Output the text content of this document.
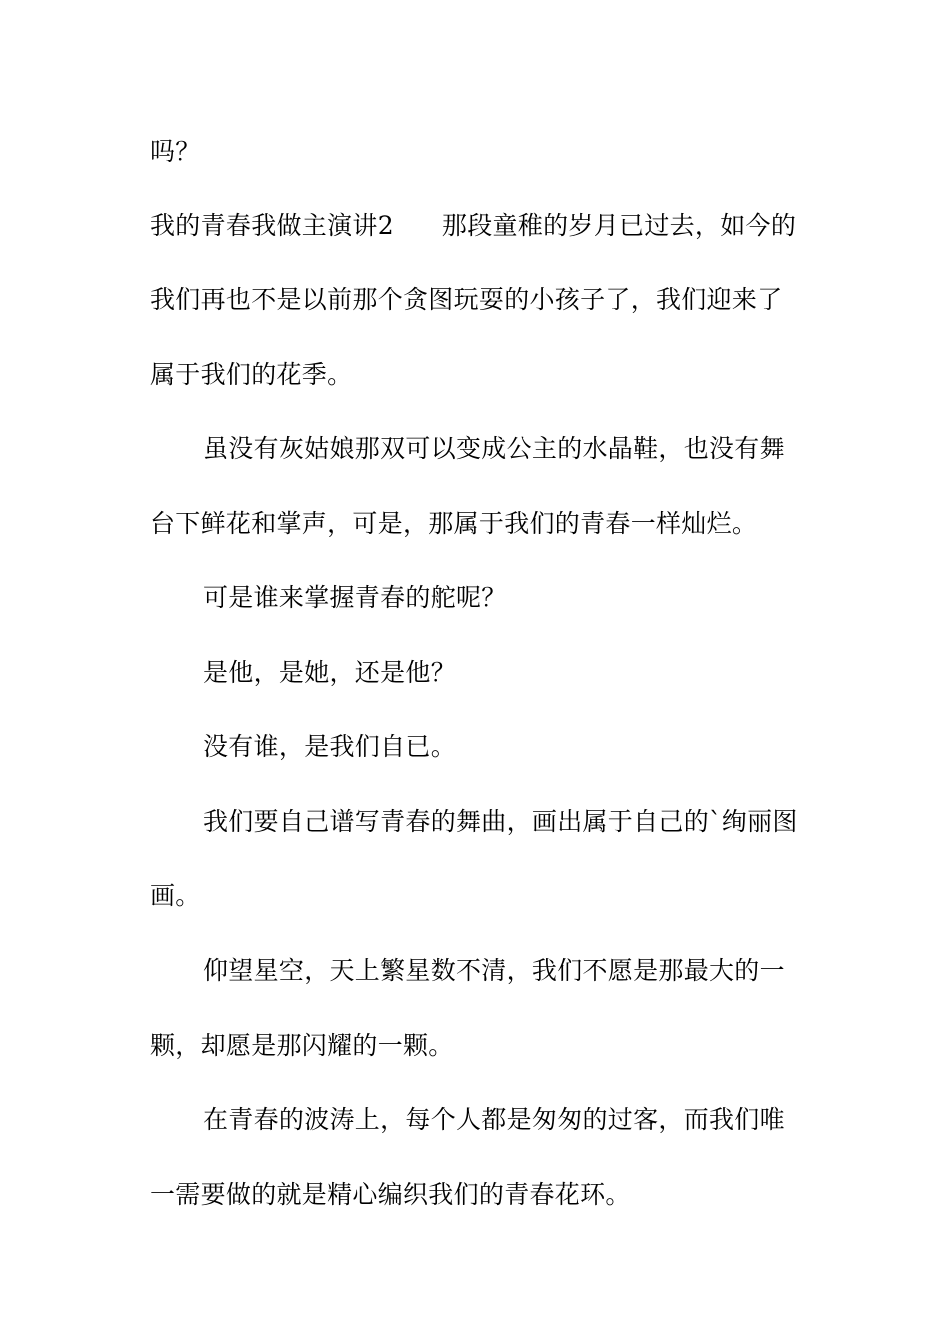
吗？
我的青春我做主演讲2 那段童稚的岁月已过去，如今的
我们再也不是以前那个贪图玩耍的小孩子了，我们迎来了
属于我们的花季。
虽没有灰姑娘那双可以变成公主的水晶鞋，也没有舞
台下鲜花和掌声，可是，那属于我们的青春一样灿烂。
可是谁来掌握青春的舵呢？
是他，是她，还是他？
没有谁，是我们自已。
我们要自己谱写青春的舞曲，画出属于自己的`绚丽图
画。
仰望星空，天上繁星数不清，我们不愿是那最大的一
颗，却愿是那闪耀的一颗。
在青春的波涛上，每个人都是匆匆的过客，而我们唯
一需要做的就是精心编织我们的青春花环。
